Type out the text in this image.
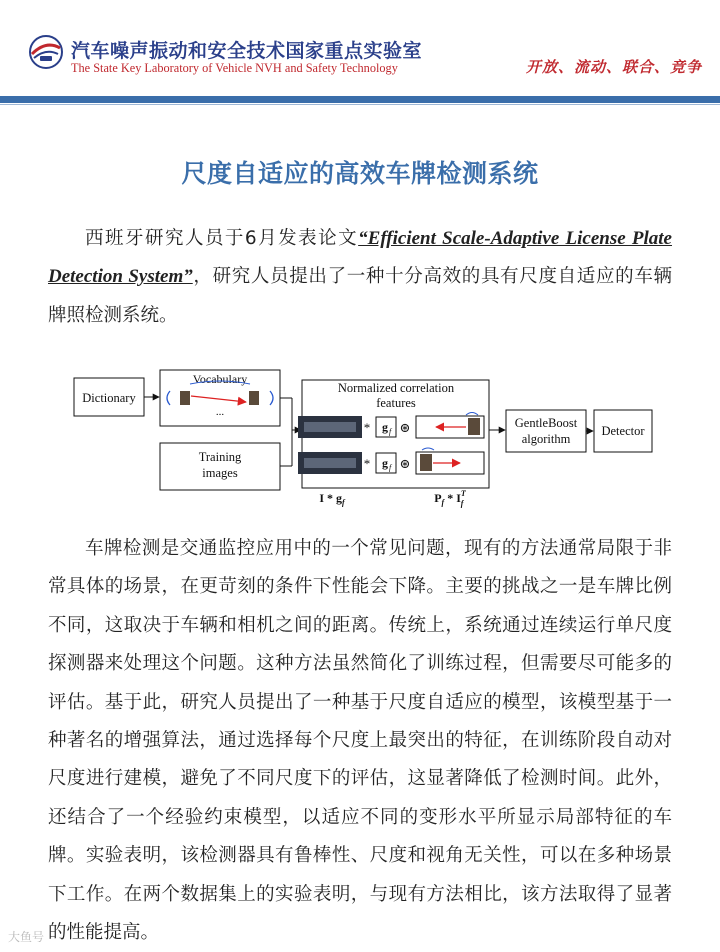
汽车噪声振动和安全技术国家重点实验室
The State Key Laboratory of Vehicle NVH and Safety Technology	开放、流动、联合、竞争
尺度自适应的高效车牌检测系统

西班牙研究人员于6月发表论文“Efficient Scale-Adaptive License Plate Detection System”，研究人员提出了一种十分高效的具有尺度自适应的车辆牌照检测系统。

Dictionary
Vocabulary
...
Training
images
Normalized correlation
features
* g f ⊛
* g f ⊛
I * $g_f$	$P_f * I^T$ f
GentleBoost
algorithm
Detector

车牌检测是交通监控应用中的一个常见问题，现有的方法通常局限于非常具体的场景，在更苛刻的条件下性能会下降。主要的挑战之一是车牌比例不同，这取决于车辆和相机之间的距离。传统上，系统通过连续运行单尺度探测器来处理这个问题。这种方法虽然简化了训练过程，但需要尽可能多的评估。基于此，研究人员提出了一种基于尺度自适应的模型，该模型基于一种著名的增强算法，通过选择每个尺度上最突出的特征，在训练阶段自动对尺度进行建模，避免了不同尺度下的评估，这显著降低了检测时间。此外，还结合了一个经验约束模型，以适应不同的变形水平所显示局部特征的车牌。实验表明，该检测器具有鲁棒性、尺度和视角无关性，可以在多种场景下工作。在两个数据集上的实验表明，与现有方法相比，该方法取得了显著的性能提高。

大鱼号
